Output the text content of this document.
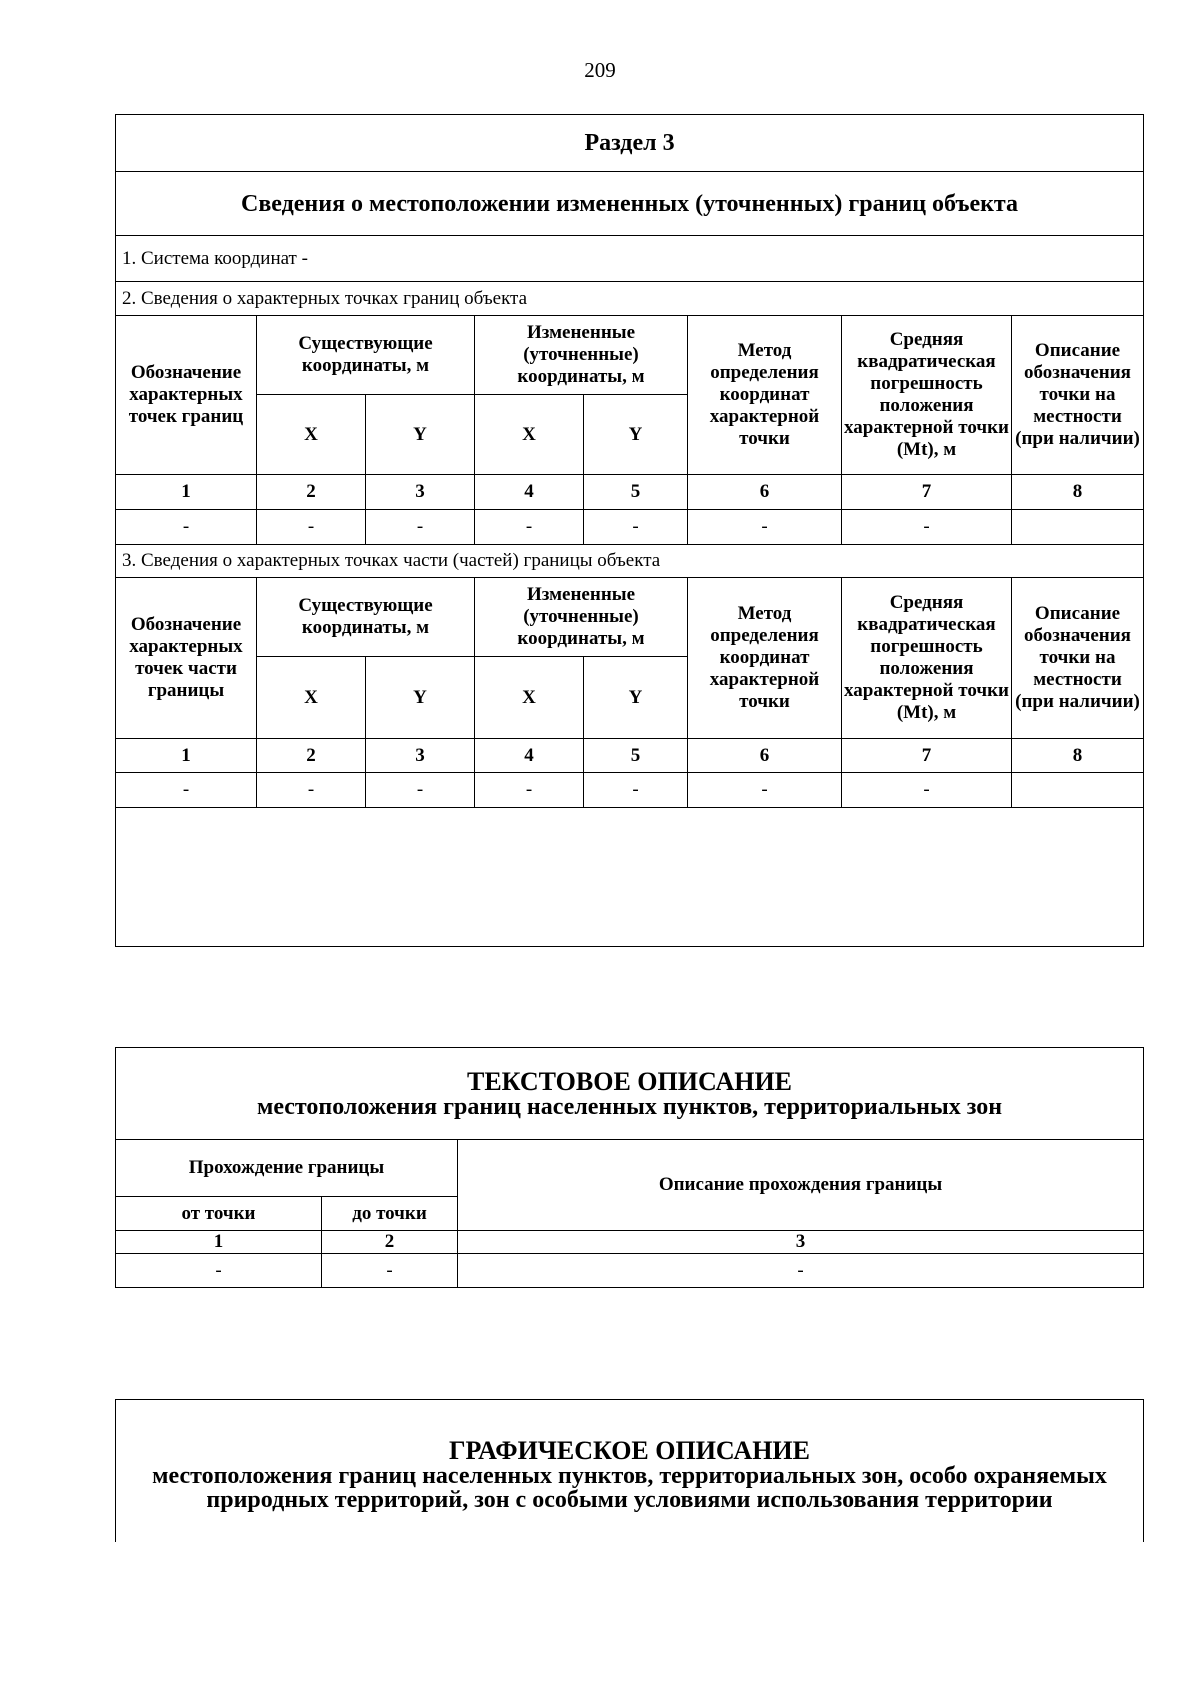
209
Раздел 3							
Сведения о местоположении измененных (уточненных) границ объекта							
1. Система координат -							
2. Сведения о характерных точках границ объекта							
Обозначение характерных точек границ	Существующие координаты, м		Измененные (уточненные) координаты, м		Метод определения координат характерной точки	Средняя квадратическая погрешность положения характерной точки (Mt), м	Описание обозначения точки на местности (при наличии)
	X	Y	X	Y			
1	2	3	4	5	6	7	8
-	-	-	-	-	-	-	
3. Сведения о характерных точках части (частей) границы объекта							
Обозначение характерных точек части границы	Существующие координаты, м		Измененные (уточненные) координаты, м		Метод определения координат характерной точки	Средняя квадратическая погрешность положения характерной точки (Mt), м	Описание обозначения точки на местности (при наличии)
	X	Y	X	Y			
1	2	3	4	5	6	7	8
-	-	-	-	-	-	-	

ТЕКСТОВОЕ ОПИСАНИЕ
местоположения границ населенных пунктов, территориальных зон		

Прохождение границы		Описание прохождения границы
от точки	до точки	
1	2	3
-	-	-
ГРАФИЧЕСКОЕ ОПИСАНИЕ
местоположения границ населенных пунктов, территориальных зон, особо охраняемых природных территорий, зон с особыми условиями использования территории
